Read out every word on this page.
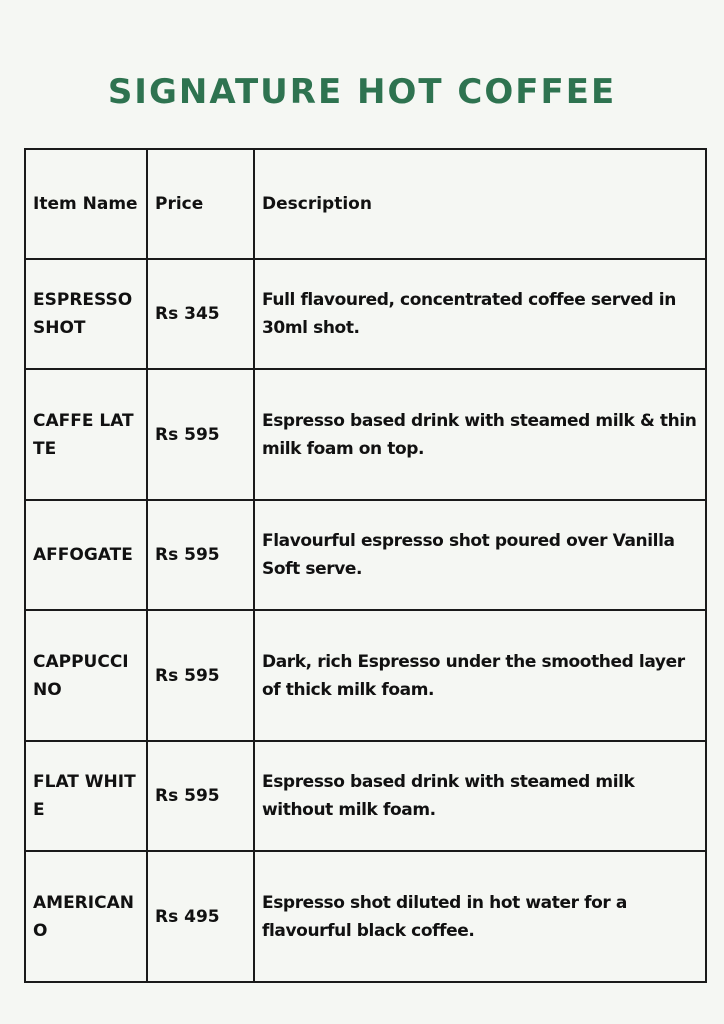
SIGNATURE HOT COFFEE
Item Name	Price	Description
ESPRESSO SHOT	Rs 345	Full flavoured, concentrated coffee served in 30ml shot.
CAFFE LATTE	Rs 595	Espresso based drink with steamed milk & thin milk foam on top.
AFFOGATE	Rs 595	Flavourful espresso shot poured over Vanilla Soft serve.
CAPPUCCINO	Rs 595	Dark, rich Espresso under the smoothed layer of thick milk foam.
FLAT WHITE	Rs 595	Espresso based drink with steamed milk without milk foam.
AMERICANO	Rs 495	Espresso shot diluted in hot water for a flavourful black coffee.
